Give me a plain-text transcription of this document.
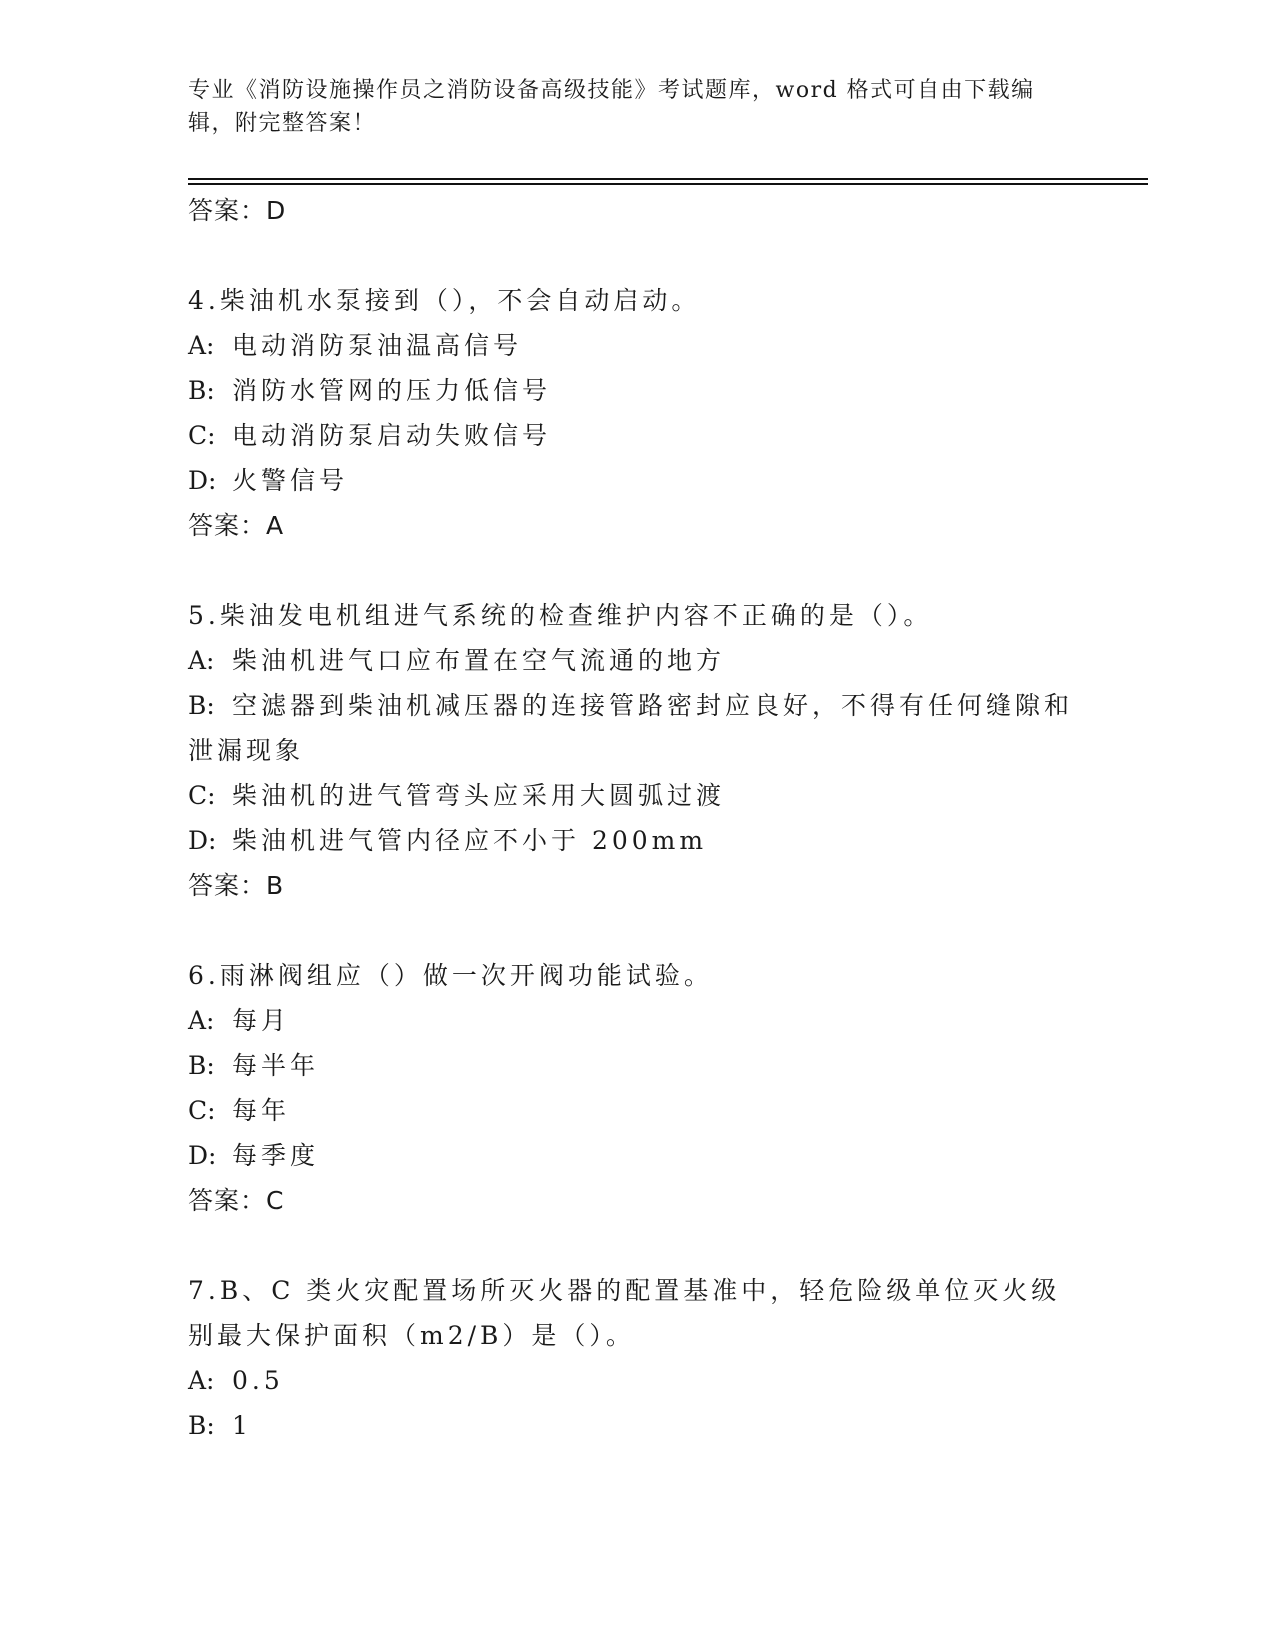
专业《消防设施操作员之消防设备高级技能》考试题库，word 格式可自由下载编
辑，附完整答案！

答案：D

4.柴油机水泵接到（），不会自动启动。

A: 电动消防泵油温高信号

B: 消防水管网的压力低信号

C: 电动消防泵启动失败信号

D: 火警信号

答案：A

5.柴油发电机组进气系统的检查维护内容不正确的是（）。

A: 柴油机进气口应布置在空气流通的地方

B: 空滤器到柴油机减压器的连接管路密封应良好，不得有任何缝隙和泄漏现象

C: 柴油机的进气管弯头应采用大圆弧过渡

D: 柴油机进气管内径应不小于 200mm

答案：B

6.雨淋阀组应（）做一次开阀功能试验。

A: 每月

B: 每半年

C: 每年

D: 每季度

答案：C

7.B、C 类火灾配置场所灭火器的配置基准中，轻危险级单位灭火级别最大保护面积（m2/B）是（）。

A: 0.5

B: 1
